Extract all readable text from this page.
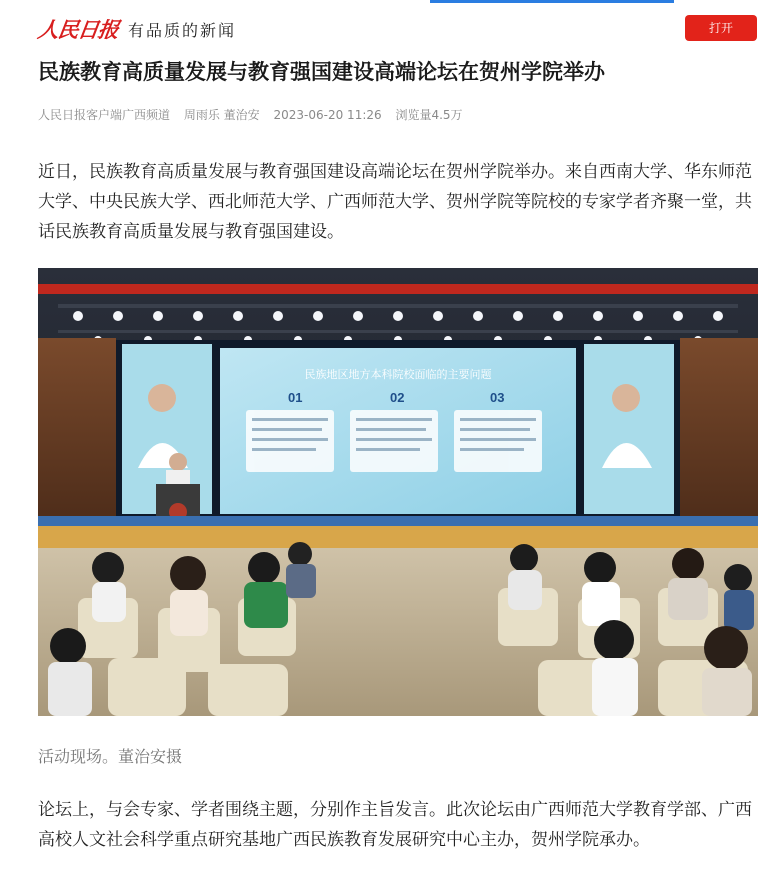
人民日报 有品质的新闻	打开
民族教育高质量发展与教育强国建设高端论坛在贺州学院举办
人民日报客户端广西频道 周雨乐 董治安 2023-06-20 11:26 浏览量4.5万

近日，民族教育高质量发展与教育强国建设高端论坛在贺州学院举办。来自西南大学、华东师范大学、中央民族大学、西北师范大学、广西师范大学、贺州学院等院校的专家学者齐聚一堂，共话民族教育高质量发展与教育强国建设。

民族地区地方本科院校面临的主要问题
01	02	03
活动现场。董治安摄

论坛上，与会专家、学者围绕主题，分别作主旨发言。此次论坛由广西师范大学教育学部、广西高校人文社会科学重点研究基地广西民族教育发展研究中心主办，贺州学院承办。
